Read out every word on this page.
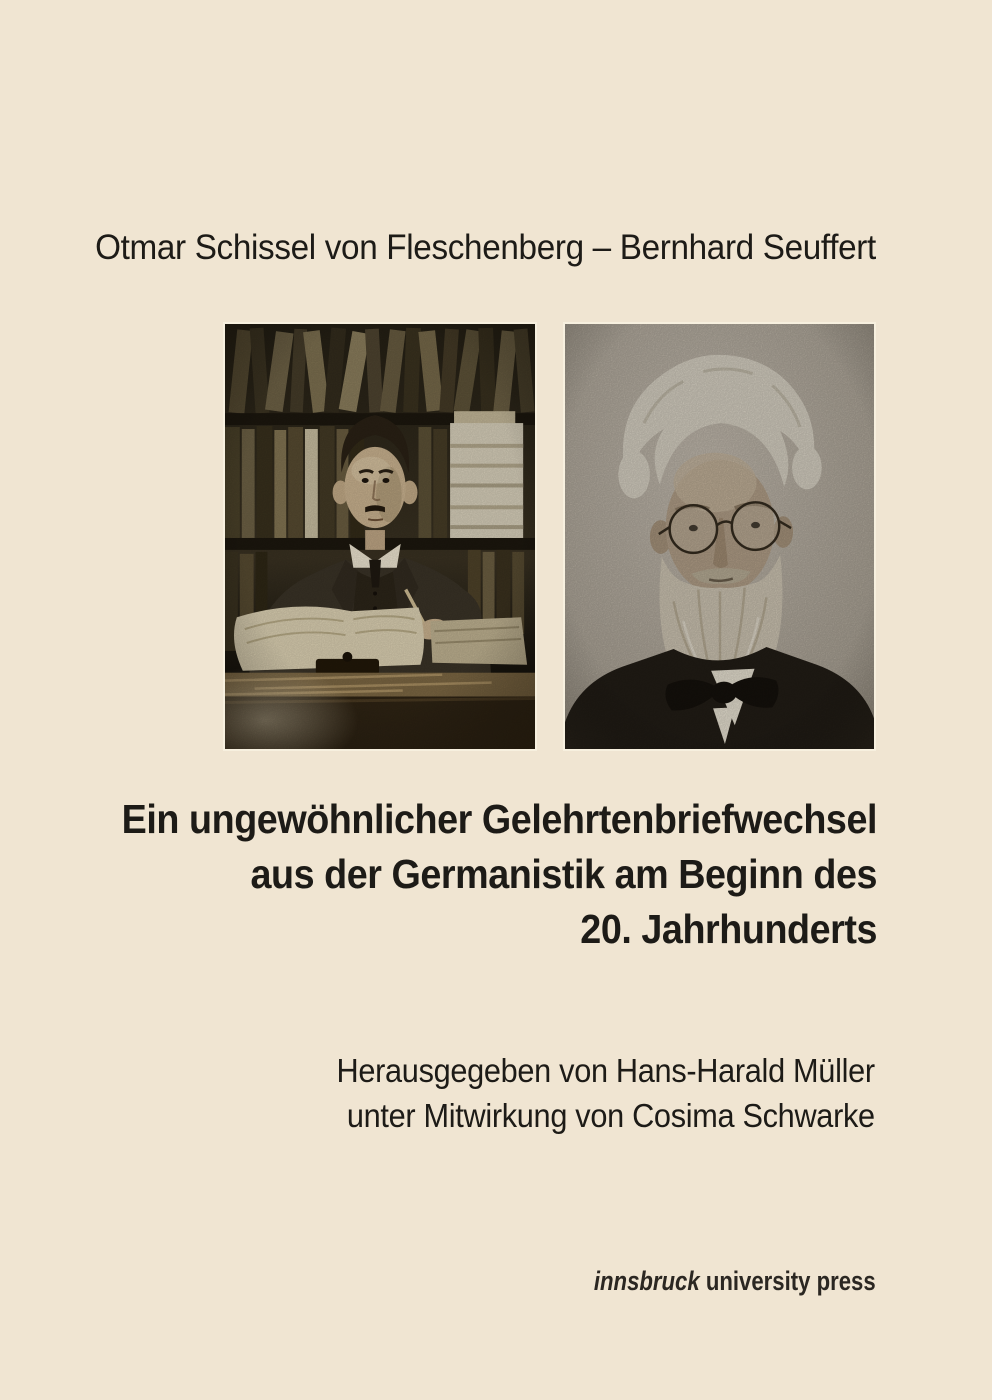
Otmar Schissel von Fleschenberg – Bernhard Seuffert
Ein ungewöhnlicher Gelehrtenbriefwechsel
aus der Germanistik am Beginn des
20. Jahrhunderts
Herausgegeben von Hans-Harald Müller
unter Mitwirkung von Cosima Schwarke
innsbruck university press
